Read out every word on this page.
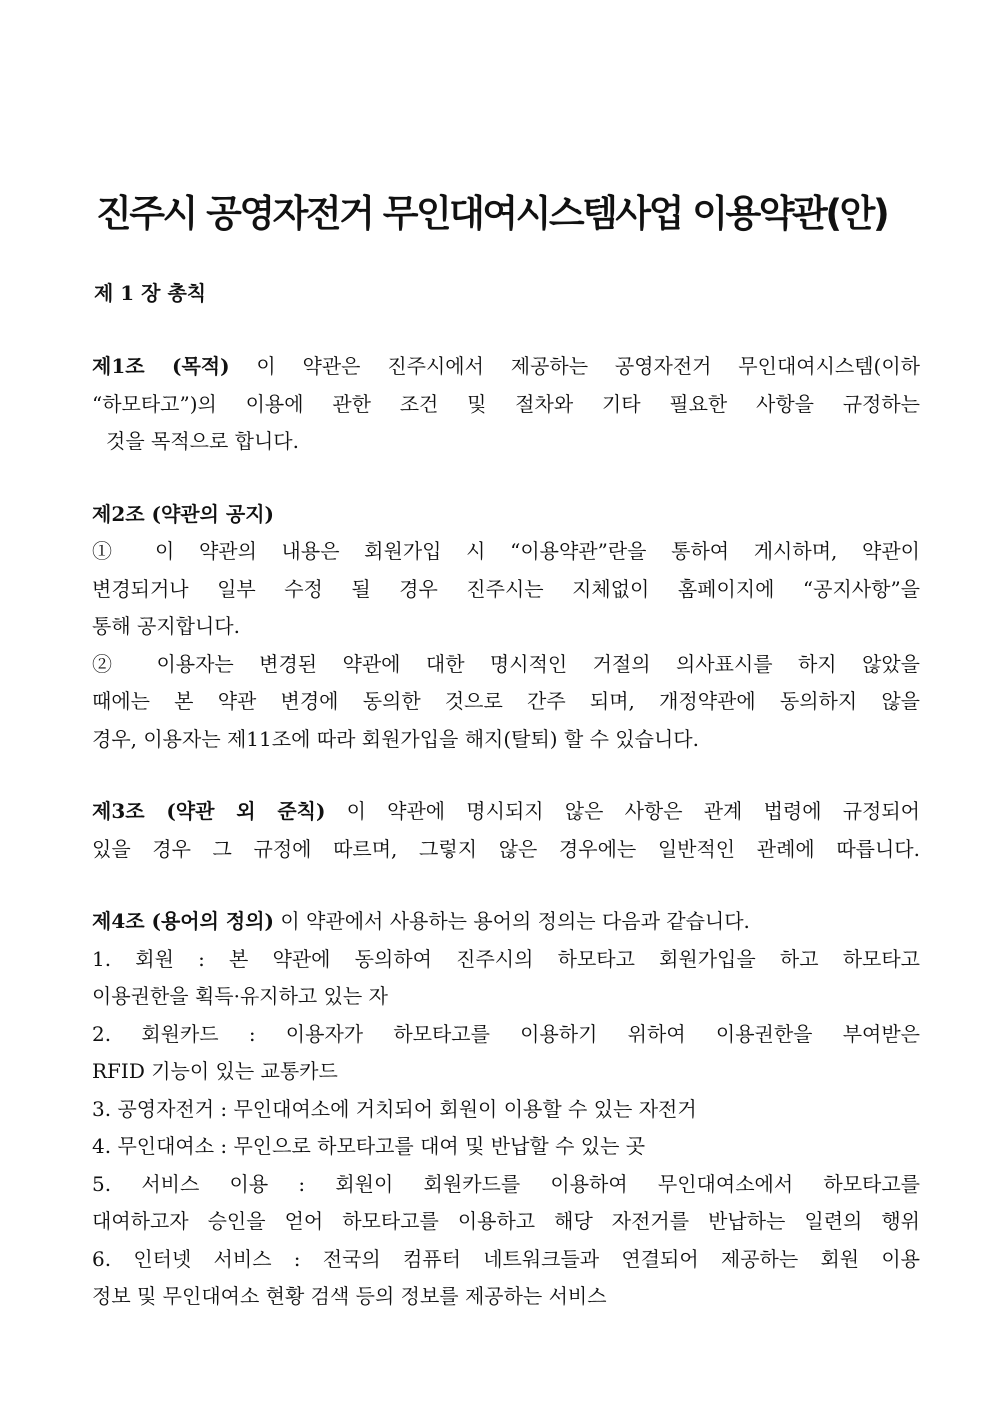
진주시 공영자전거 무인대여시스템사업 이용약관(안)
제 1 장 총칙

제1조 (목적) 이 약관은 진주시에서 제공하는 공영자전거 무인대여시스템(이하

“하모타고”)의 이용에 관한 조건 및 절차와 기타 필요한 사항을 규정하는

것을 목적으로 합니다.

제2조 (약관의 공지)

① 이 약관의 내용은 회원가입 시 “이용약관”란을 통하여 게시하며, 약관이

변경되거나 일부 수정 될 경우 진주시는 지체없이 홈페이지에 “공지사항”을

통해 공지합니다.

② 이용자는 변경된 약관에 대한 명시적인 거절의 의사표시를 하지 않았을

때에는 본 약관 변경에 동의한 것으로 간주 되며, 개정약관에 동의하지 않을

경우, 이용자는 제11조에 따라 회원가입을 해지(탈퇴) 할 수 있습니다.

제3조 (약관 외 준칙) 이 약관에 명시되지 않은 사항은 관계 법령에 규정되어

있을 경우 그 규정에 따르며, 그렇지 않은 경우에는 일반적인 관례에 따릅니다.

제4조 (용어의 정의) 이 약관에서 사용하는 용어의 정의는 다음과 같습니다.

1. 회원 : 본 약관에 동의하여 진주시의 하모타고 회원가입을 하고 하모타고

이용권한을 획득·유지하고 있는 자

2. 회원카드 : 이용자가 하모타고를 이용하기 위하여 이용권한을 부여받은

RFID 기능이 있는 교통카드

3. 공영자전거 : 무인대여소에 거치되어 회원이 이용할 수 있는 자전거

4. 무인대여소 : 무인으로 하모타고를 대여 및 반납할 수 있는 곳

5. 서비스 이용 : 회원이 회원카드를 이용하여 무인대여소에서 하모타고를

대여하고자 승인을 얻어 하모타고를 이용하고 해당 자전거를 반납하는 일련의 행위

6. 인터넷 서비스 : 전국의 컴퓨터 네트워크들과 연결되어 제공하는 회원 이용

정보 및 무인대여소 현황 검색 등의 정보를 제공하는 서비스
